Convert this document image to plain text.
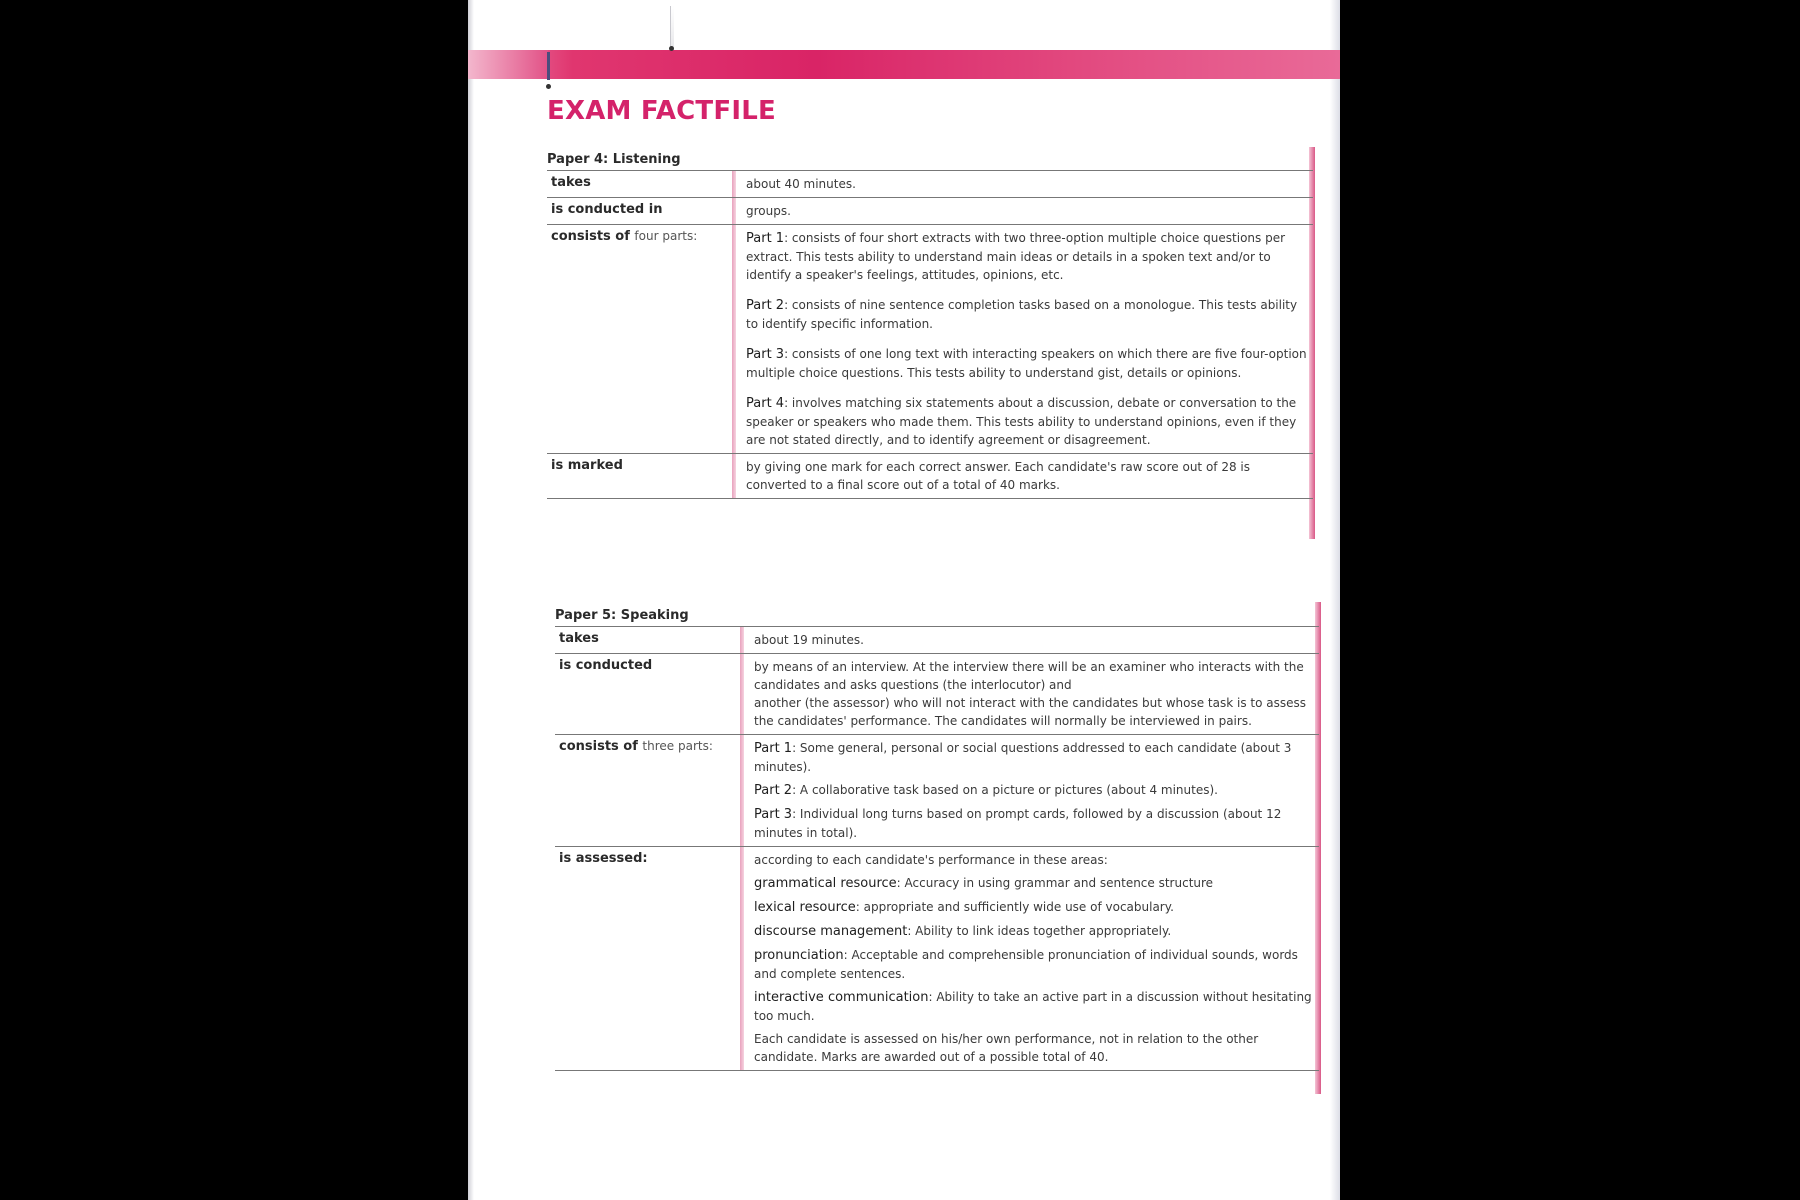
EXAM FACTFILE
Paper 4: Listening
takes	about 40 minutes.
is conducted in	groups.
consists of four parts:	Part 1: consists of four short extracts with two three-option multiple choice questions per extract. This tests ability to understand main ideas or details in a spoken text and/or to identify a speaker's feelings, attitudes, opinions, etc.

Part 2: consists of nine sentence completion tasks based on a monologue. This tests ability to identify specific information.

Part 3: consists of one long text with interacting speakers on which there are five four-option multiple choice questions. This tests ability to understand gist, details or opinions.

Part 4: involves matching six statements about a discussion, debate or conversation to the speaker or speakers who made them. This tests ability to understand opinions, even if they are not stated directly, and to identify agreement or disagreement.

is marked	by giving one mark for each correct answer. Each candidate's raw score out of 28 is converted to a final score out of a total of 40 marks.
Paper 5: Speaking
takes	about 19 minutes.
is conducted	by means of an interview. At the interview there will be an examiner who interacts with the candidates and asks questions (the interlocutor) and
another (the assessor) who will not interact with the candidates but whose task is to assess the candidates' performance. The candidates will normally be interviewed in pairs.
consists of three parts:	Part 1: Some general, personal or social questions addressed to each candidate (about 3 minutes).

Part 2: A collaborative task based on a picture or pictures (about 4 minutes).

Part 3: Individual long turns based on prompt cards, followed by a discussion (about 12 minutes in total).

is assessed:	according to each candidate's performance in these areas:

grammatical resource: Accuracy in using grammar and sentence structure

lexical resource: appropriate and sufficiently wide use of vocabulary.

discourse management: Ability to link ideas together appropriately.

pronunciation: Acceptable and comprehensible pronunciation of individual sounds, words and complete sentences.

interactive communication: Ability to take an active part in a discussion without hesitating too much.

Each candidate is assessed on his/her own performance, not in relation to the other candidate. Marks are awarded out of a possible total of 40.
